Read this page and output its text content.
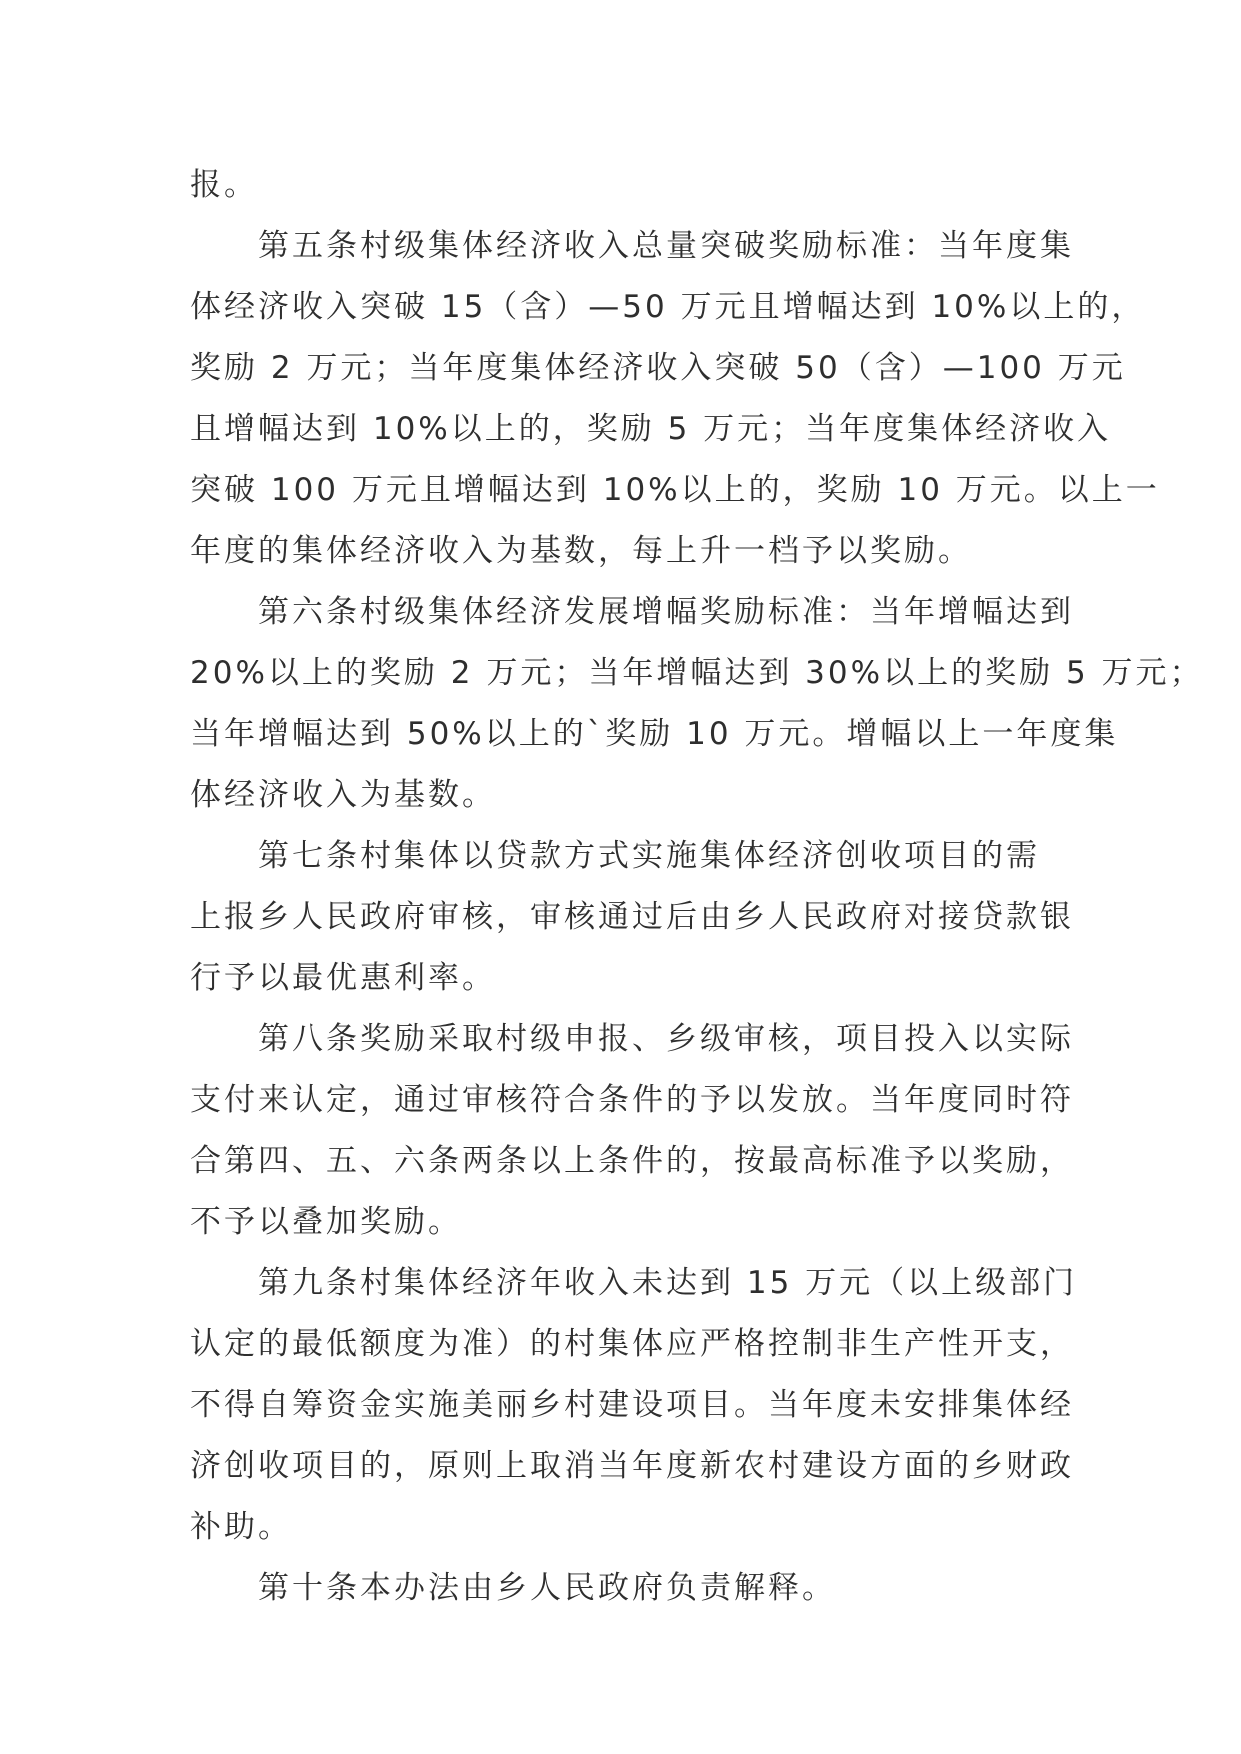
报。
　　第五条村级集体经济收入总量突破奖励标准：当年度集
体经济收入突破 15（含）—50 万元且增幅达到 10%以上的，
奖励 2 万元；当年度集体经济收入突破 50（含）—100 万元
且增幅达到 10%以上的，奖励 5 万元；当年度集体经济收入
突破 100 万元且增幅达到 10%以上的，奖励 10 万元。以上一
年度的集体经济收入为基数，每上升一档予以奖励。
　　第六条村级集体经济发展增幅奖励标准：当年增幅达到
20%以上的奖励 2 万元；当年增幅达到 30%以上的奖励 5 万元；
当年增幅达到 50%以上的`奖励 10 万元。增幅以上一年度集
体经济收入为基数。
　　第七条村集体以贷款方式实施集体经济创收项目的需
上报乡人民政府审核，审核通过后由乡人民政府对接贷款银
行予以最优惠利率。
　　第八条奖励采取村级申报、乡级审核，项目投入以实际
支付来认定，通过审核符合条件的予以发放。当年度同时符
合第四、五、六条两条以上条件的，按最高标准予以奖励，
不予以叠加奖励。
　　第九条村集体经济年收入未达到 15 万元（以上级部门
认定的最低额度为准）的村集体应严格控制非生产性开支，
不得自筹资金实施美丽乡村建设项目。当年度未安排集体经
济创收项目的，原则上取消当年度新农村建设方面的乡财政
补助。
　　第十条本办法由乡人民政府负责解释。
